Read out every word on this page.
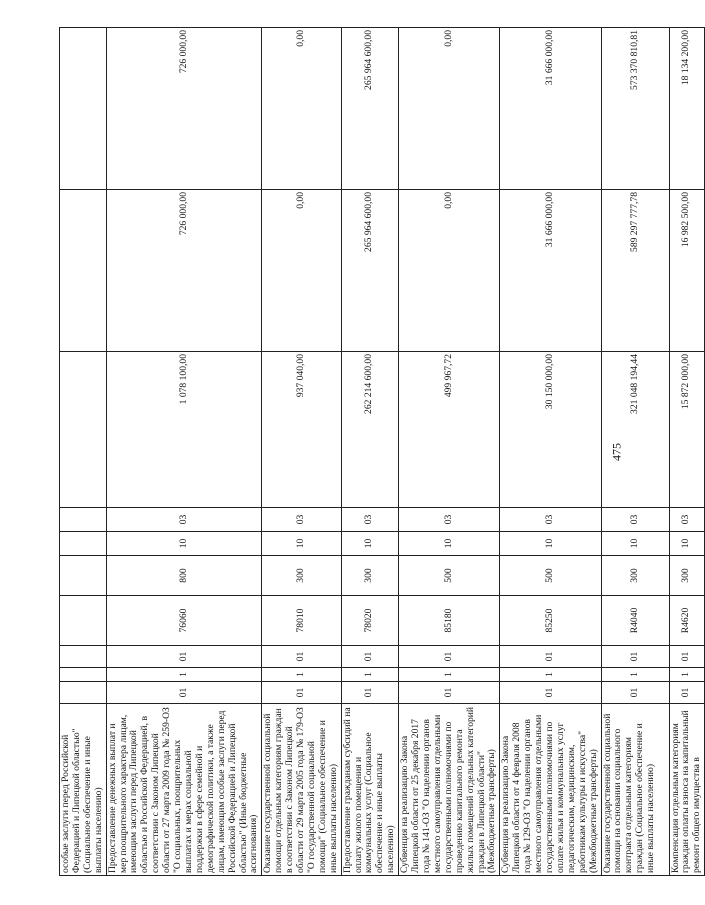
475
особые заслуги перед Российской Федерацией и Липецкой областью" (Социальное обеспечение и иные выплаты населению)										
Предоставление денежных выплат и мер поощрительного характера лицам, имеющим заслуги перед Липецкой областью и Российской Федерацией, в соответствии с Законом Липецкой области от 27 марта 2009 года № 259-ОЗ "О социальных, поощрительных выплатах и мерах социальной поддержки в сфере семейной и демографической политики, а также лицам, имеющим особые заслуги перед Российской Федерацией и Липецкой областью" (Иные бюджетные ассигнования)	01	1	01	76060	800	10	03	1 078 100,00	726 000,00	726 000,00
Оказание государственной социальной помощи отдельным категориям граждан в соответствии с Законом Липецкой области от 29 марта 2005 года № 179-ОЗ "О государственной социальной помощи" (Социальное обеспечение и иные выплаты населению)	01	1	01	78010	300	10	03	937 040,00	0,00	0,00
Предоставление гражданам субсидий на оплату жилого помещения и коммунальных услуг (Социальное обеспечение и иные выплаты населению)	01	1	01	78020	300	10	03	262 214 600,00	265 964 600,00	265 964 600,00
Субвенция на реализацию Закона Липецкой области от 25 декабря 2017 года № 141-ОЗ "О наделении органов местного самоуправления отдельными государственными полномочиями по проведению капитального ремонта жилых помещений отдельных категорий граждан в Липецкой области" (Межбюджетные трансферты)	01	1	01	85180	500	10	03	499 967,72	0,00	0,00
Субвенция на реализацию Закона Липецкой области от 4 февраля 2008 года № 129-ОЗ "О наделении органов местного самоуправления отдельными государственными полномочиями по оплате жилья и коммунальных услуг педагогическим, медицинским, работникам культуры и искусства" (Межбюджетные трансферты)	01	1	01	85250	500	10	03	30 150 000,00	31 666 000,00	31 666 000,00
Оказание государственной социальной помощи на основании социального контракта отдельным категориям граждан (Социальное обеспечение и иные выплаты населению)	01	1	01	R4040	300	10	03	321 048 194,44	589 297 777,78	573 370 810,81
Компенсация отдельным категориям граждан оплаты взноса на капитальный ремонт общего имущества в	01	1	01	R4620	300	10	03	15 872 000,00	16 982 500,00	18 134 200,00
